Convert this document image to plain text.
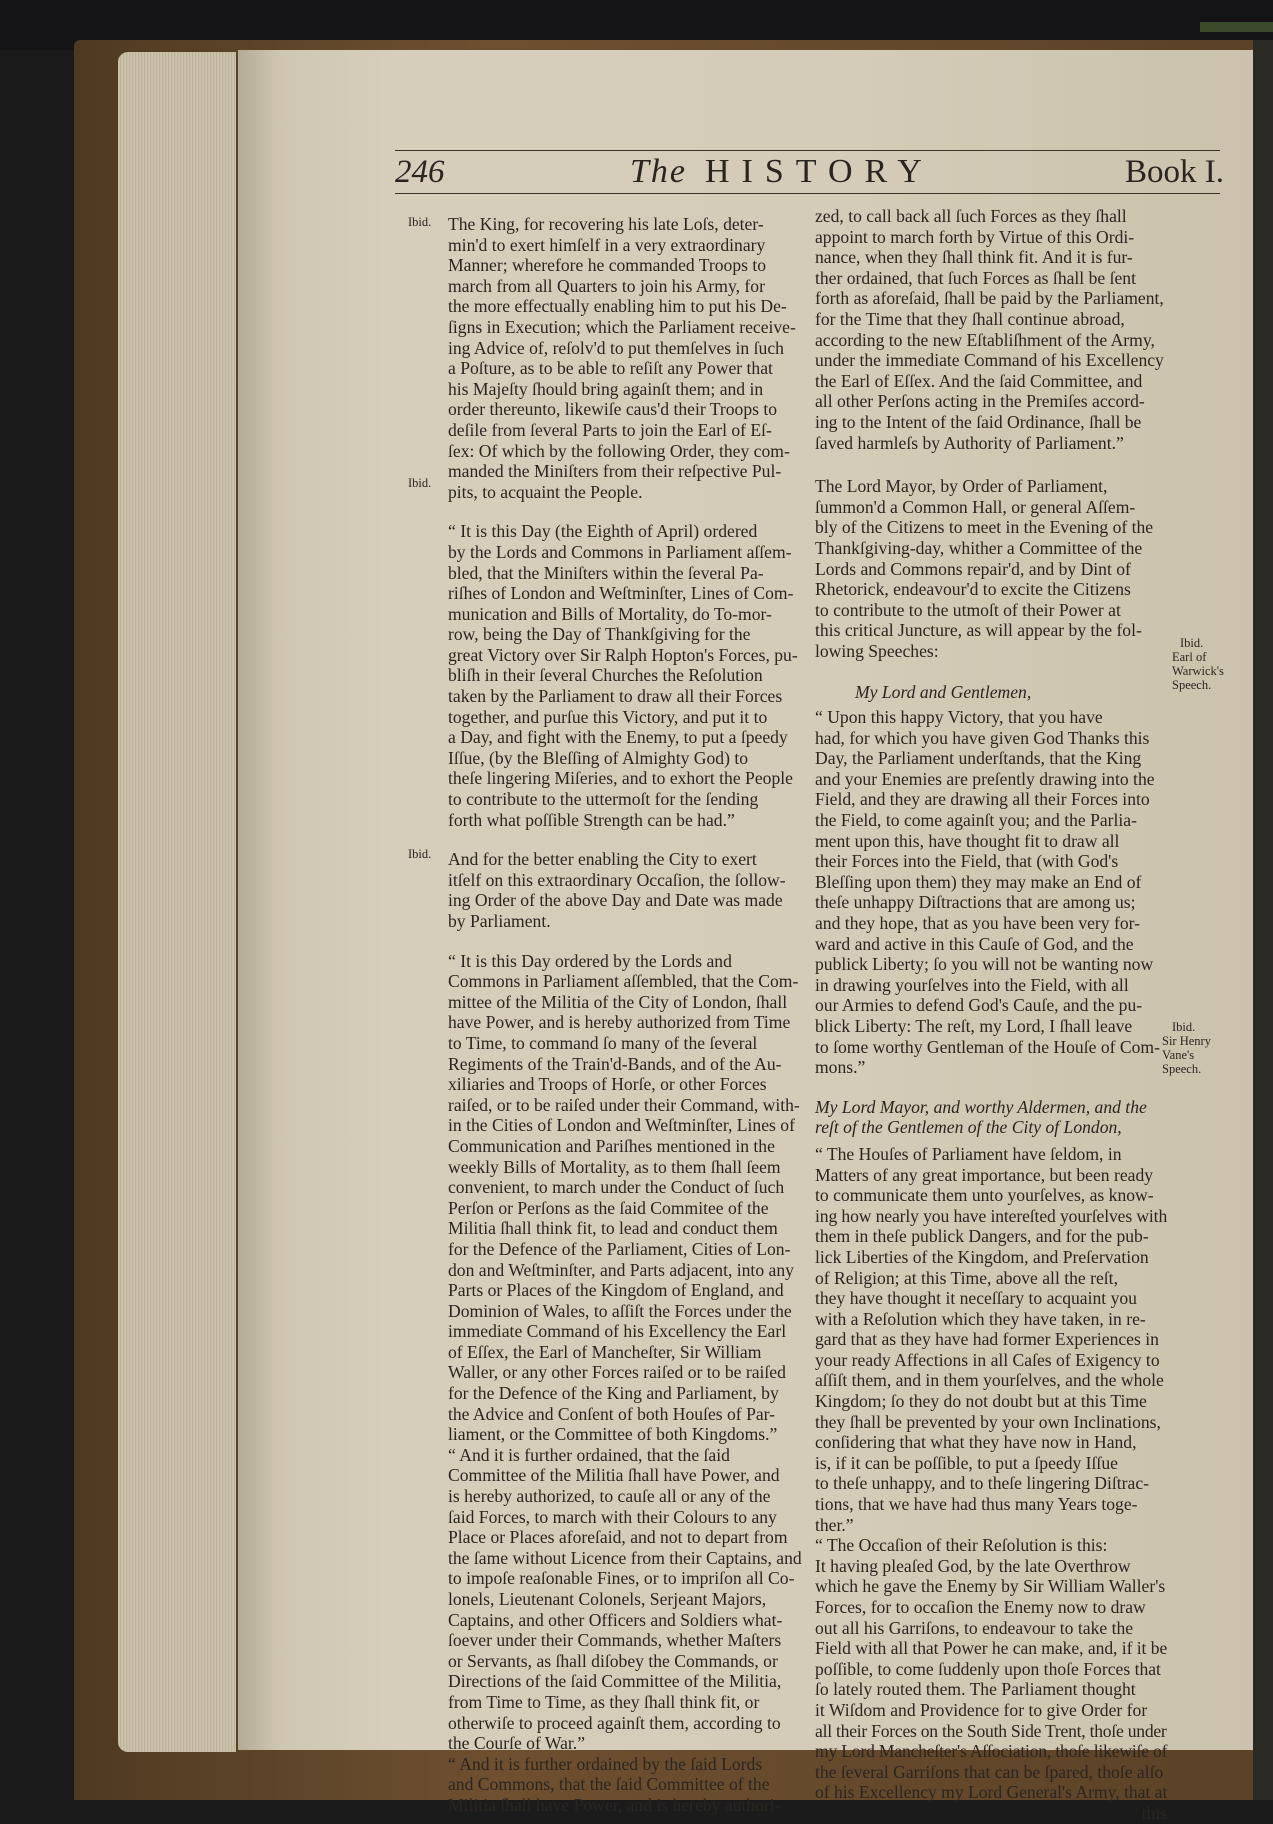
246	The HISTORY	Book I.
Ibid.
Ibid.
Ibid.
Ibid.
Earl of
Warwick's
Speech.
Ibid.
Sir Henry
Vane's
Speech.

The King, for recovering his late Loſs, deter-
min'd to exert himſelf in a very extraordinary
Manner; wherefore he commanded Troops to
march from all Quarters to join his Army, for
the more effectually enabling him to put his De-
ſigns in Execution; which the Parliament receive-
ing Advice of, reſolv'd to put themſelves in ſuch
a Poſture, as to be able to reſiſt any Power that
his Majeſty ſhould bring againſt them; and in
order thereunto, likewiſe caus'd their Troops to
deſile from ſeveral Parts to join the Earl of Eſ-
ſex: Of which by the following Order, they com-
manded the Miniſters from their reſpective Pul-
pits, to acquaint the People.

“ It is this Day (the Eighth of April) ordered
by the Lords and Commons in Parliament aſſem-
bled, that the Miniſters within the ſeveral Pa-
riſhes of London and Weſtminſter, Lines of Com-
munication and Bills of Mortality, do To-mor-
row, being the Day of Thankſgiving for the
great Victory over Sir Ralph Hopton's Forces, pu-
bliſh in their ſeveral Churches the Reſolution
taken by the Parliament to draw all their Forces
together, and purſue this Victory, and put it to
a Day, and fight with the Enemy, to put a ſpeedy
Iſſue, (by the Bleſſing of Almighty God) to
theſe lingering Miſeries, and to exhort the People
to contribute to the uttermoſt for the ſending
forth what poſſible Strength can be had.”

And for the better enabling the City to exert
itſelf on this extraordinary Occaſion, the ſollow-
ing Order of the above Day and Date was made
by Parliament.

“ It is this Day ordered by the Lords and
Commons in Parliament aſſembled, that the Com-
mittee of the Militia of the City of London, ſhall
have Power, and is hereby authorized from Time
to Time, to command ſo many of the ſeveral
Regiments of the Train'd-Bands, and of the Au-
xiliaries and Troops of Horſe, or other Forces
raiſed, or to be raiſed under their Command, with-
in the Cities of London and Weſtminſter, Lines of
Communication and Pariſhes mentioned in the
weekly Bills of Mortality, as to them ſhall ſeem
convenient, to march under the Conduct of ſuch
Perſon or Perſons as the ſaid Commitee of the
Militia ſhall think fit, to lead and conduct them
for the Defence of the Parliament, Cities of Lon-
don and Weſtminſter, and Parts adjacent, into any
Parts or Places of the Kingdom of England, and
Dominion of Wales, to aſſiſt the Forces under the
immediate Command of his Excellency the Earl
of Eſſex, the Earl of Mancheſter, Sir William
Waller, or any other Forces raiſed or to be raiſed
for the Defence of the King and Parliament, by
the Advice and Conſent of both Houſes of Par-
liament, or the Committee of both Kingdoms.”

“ And it is further ordained, that the ſaid
Committee of the Militia ſhall have Power, and
is hereby authorized, to cauſe all or any of the
ſaid Forces, to march with their Colours to any
Place or Places aforeſaid, and not to depart from
the ſame without Licence from their Captains, and
to impoſe reaſonable Fines, or to impriſon all Co-
lonels, Lieutenant Colonels, Serjeant Majors,
Captains, and other Officers and Soldiers what-
ſoever under their Commands, whether Maſters
or Servants, as ſhall diſobey the Commands, or
Directions of the ſaid Committee of the Militia,
from Time to Time, as they ſhall think fit, or
otherwiſe to proceed againſt them, according to
the Courſe of War.”

“ And it is further ordained by the ſaid Lords
and Commons, that the ſaid Committee of the
Militia ſhall have Power, and is hereby authori-

zed, to call back all ſuch Forces as they ſhall
appoint to march forth by Virtue of this Ordi-
nance, when they ſhall think fit. And it is fur-
ther ordained, that ſuch Forces as ſhall be ſent
forth as aforeſaid, ſhall be paid by the Parliament,
for the Time that they ſhall continue abroad,
according to the new Eſtabliſhment of the Army,
under the immediate Command of his Excellency
the Earl of Eſſex. And the ſaid Committee, and
all other Perſons acting in the Premiſes accord-
ing to the Intent of the ſaid Ordinance, ſhall be
ſaved harmleſs by Authority of Parliament.”

The Lord Mayor, by Order of Parliament,
ſummon'd a Common Hall, or general Aſſem-
bly of the Citizens to meet in the Evening of the
Thankſgiving-day, whither a Committee of the
Lords and Commons repair'd, and by Dint of
Rhetorick, endeavour'd to excite the Citizens
to contribute to the utmoſt of their Power at
this critical Juncture, as will appear by the fol-
lowing Speeches:

My Lord and Gentlemen,

“ Upon this happy Victory, that you have
had, for which you have given God Thanks this
Day, the Parliament underſtands, that the King
and your Enemies are preſently drawing into the
Field, and they are drawing all their Forces into
the Field, to come againſt you; and the Parlia-
ment upon this, have thought fit to draw all
their Forces into the Field, that (with God's
Bleſſing upon them) they may make an End of
theſe unhappy Diſtractions that are among us;
and they hope, that as you have been very for-
ward and active in this Cauſe of God, and the
publick Liberty; ſo you will not be wanting now
in drawing yourſelves into the Field, with all
our Armies to defend God's Cauſe, and the pu-
blick Liberty: The reſt, my Lord, I ſhall leave
to ſome worthy Gentleman of the Houſe of Com-
mons.”

My Lord Mayor, and worthy Aldermen, and the
reſt of the Gentlemen of the City of London,

“ The Houſes of Parliament have ſeldom, in
Matters of any great importance, but been ready
to communicate them unto yourſelves, as know-
ing how nearly you have intereſted yourſelves with
them in theſe publick Dangers, and for the pub-
lick Liberties of the Kingdom, and Preſervation
of Religion; at this Time, above all the reſt,
they have thought it neceſſary to acquaint you
with a Reſolution which they have taken, in re-
gard that as they have had former Experiences in
your ready Affections in all Caſes of Exigency to
aſſiſt them, and in them yourſelves, and the whole
Kingdom; ſo they do not doubt but at this Time
they ſhall be prevented by your own Inclinations,
conſidering that what they have now in Hand,
is, if it can be poſſible, to put a ſpeedy Iſſue
to theſe unhappy, and to theſe lingering Diſtrac-
tions, that we have had thus many Years toge-
ther.”

“ The Occaſion of their Reſolution is this:
It having pleaſed God, by the late Overthrow
which he gave the Enemy by Sir William Waller's
Forces, for to occaſion the Enemy now to draw
out all his Garriſons, to endeavour to take the
Field with all that Power he can make, and, if it be
poſſible, to come ſuddenly upon thoſe Forces that
ſo lately routed them. The Parliament thought
it Wiſdom and Providence for to give Order for
all their Forces on the South Side Trent, thoſe under
my Lord Mancheſter's Aſſociation, thoſe likewiſe of
the ſeveral Garriſons that can be ſpared, thoſe alſo
of his Excellency my Lord General's Army, that at

this
